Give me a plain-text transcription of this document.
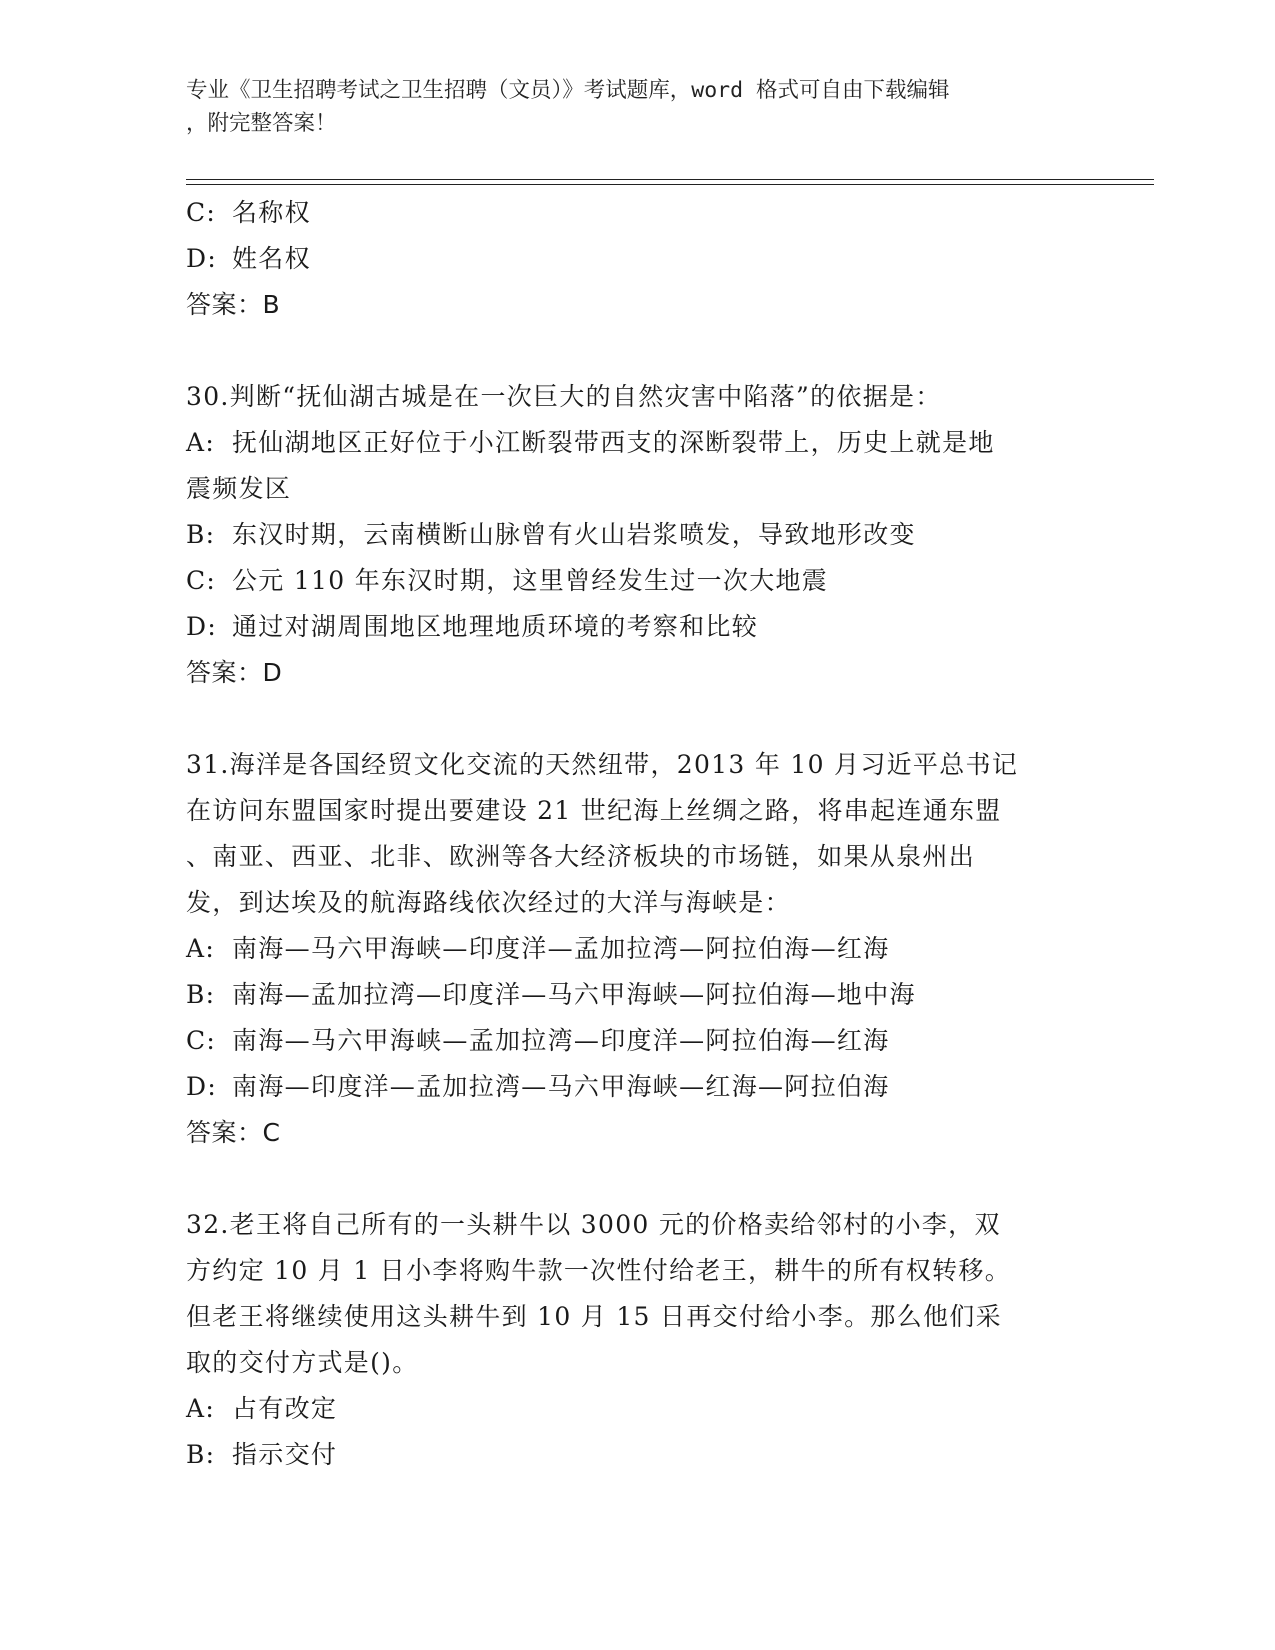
专业《卫生招聘考试之卫生招聘（文员）》考试题库，word 格式可自由下载编辑
，附完整答案！
C: 名称权
D: 姓名权
答案：B
30.判断“抚仙湖古城是在一次巨大的自然灾害中陷落”的依据是：
A: 抚仙湖地区正好位于小江断裂带西支的深断裂带上，历史上就是地
震频发区
B: 东汉时期，云南横断山脉曾有火山岩浆喷发，导致地形改变
C: 公元 110 年东汉时期，这里曾经发生过一次大地震
D: 通过对湖周围地区地理地质环境的考察和比较
答案：D
31.海洋是各国经贸文化交流的天然纽带，2013 年 10 月习近平总书记
在访问东盟国家时提出要建设 21 世纪海上丝绸之路，将串起连通东盟
、南亚、西亚、北非、欧洲等各大经济板块的市场链，如果从泉州出
发，到达埃及的航海路线依次经过的大洋与海峡是：
A: 南海—马六甲海峡—印度洋—孟加拉湾—阿拉伯海—红海
B: 南海—孟加拉湾—印度洋—马六甲海峡—阿拉伯海—地中海
C: 南海—马六甲海峡—孟加拉湾—印度洋—阿拉伯海—红海
D: 南海—印度洋—孟加拉湾—马六甲海峡—红海—阿拉伯海
答案：C
32.老王将自己所有的一头耕牛以 3000 元的价格卖给邻村的小李，双
方约定 10 月 1 日小李将购牛款一次性付给老王，耕牛的所有权转移。
但老王将继续使用这头耕牛到 10 月 15 日再交付给小李。那么他们采
取的交付方式是()。
A: 占有改定
B: 指示交付
